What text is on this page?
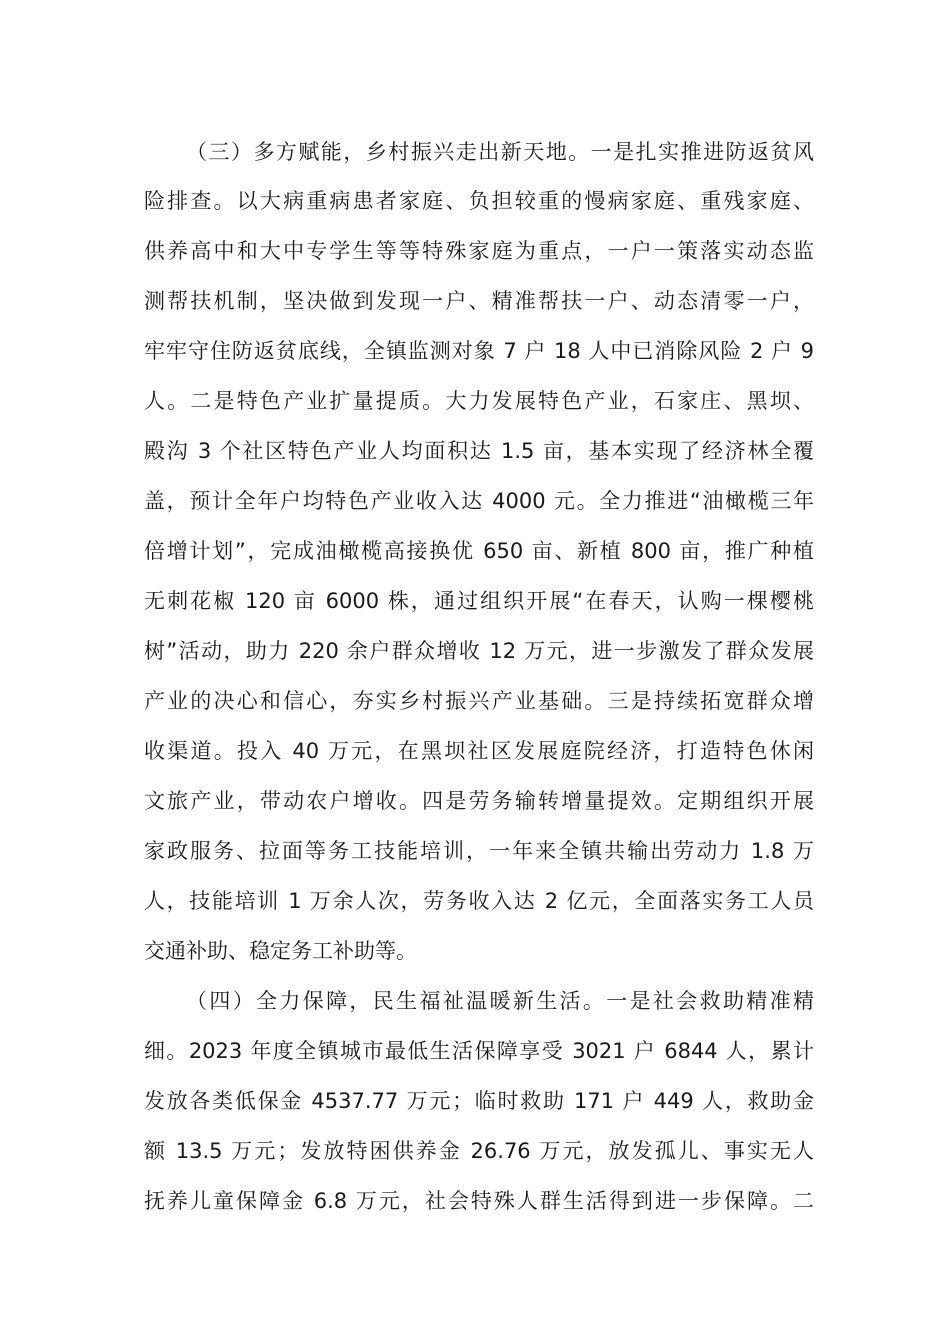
（三）多方赋能，乡村振兴走出新天地。一是扎实推进防返贫风
险排查。以大病重病患者家庭、负担较重的慢病家庭、重残家庭、
供养高中和大中专学生等等特殊家庭为重点，一户一策落实动态监
测帮扶机制，坚决做到发现一户、精准帮扶一户、动态清零一户，
牢牢守住防返贫底线，全镇监测对象 7 户 18 人中已消除风险 2 户 9
人。二是特色产业扩量提质。大力发展特色产业，石家庄、黑坝、
殿沟 3 个社区特色产业人均面积达 1.5 亩，基本实现了经济林全覆
盖，预计全年户均特色产业收入达 4000 元。全力推进“油橄榄三年
倍增计划”，完成油橄榄高接换优 650 亩、新植 800 亩，推广种植
无刺花椒 120 亩 6000 株，通过组织开展“在春天，认购一棵樱桃
树”活动，助力 220 余户群众增收 12 万元，进一步激发了群众发展
产业的决心和信心，夯实乡村振兴产业基础。三是持续拓宽群众增
收渠道。投入 40 万元，在黑坝社区发展庭院经济，打造特色休闲
文旅产业，带动农户增收。四是劳务输转增量提效。定期组织开展
家政服务、拉面等务工技能培训，一年来全镇共输出劳动力 1.8 万
人，技能培训 1 万余人次，劳务收入达 2 亿元，全面落实务工人员
交通补助、稳定务工补助等。
（四）全力保障，民生福祉温暖新生活。一是社会救助精准精
细。2023 年度全镇城市最低生活保障享受 3021 户 6844 人，累计
发放各类低保金 4537.77 万元；临时救助 171 户 449 人，救助金
额 13.5 万元；发放特困供养金 26.76 万元，放发孤儿、事实无人
抚养儿童保障金 6.8 万元，社会特殊人群生活得到进一步保障。二
